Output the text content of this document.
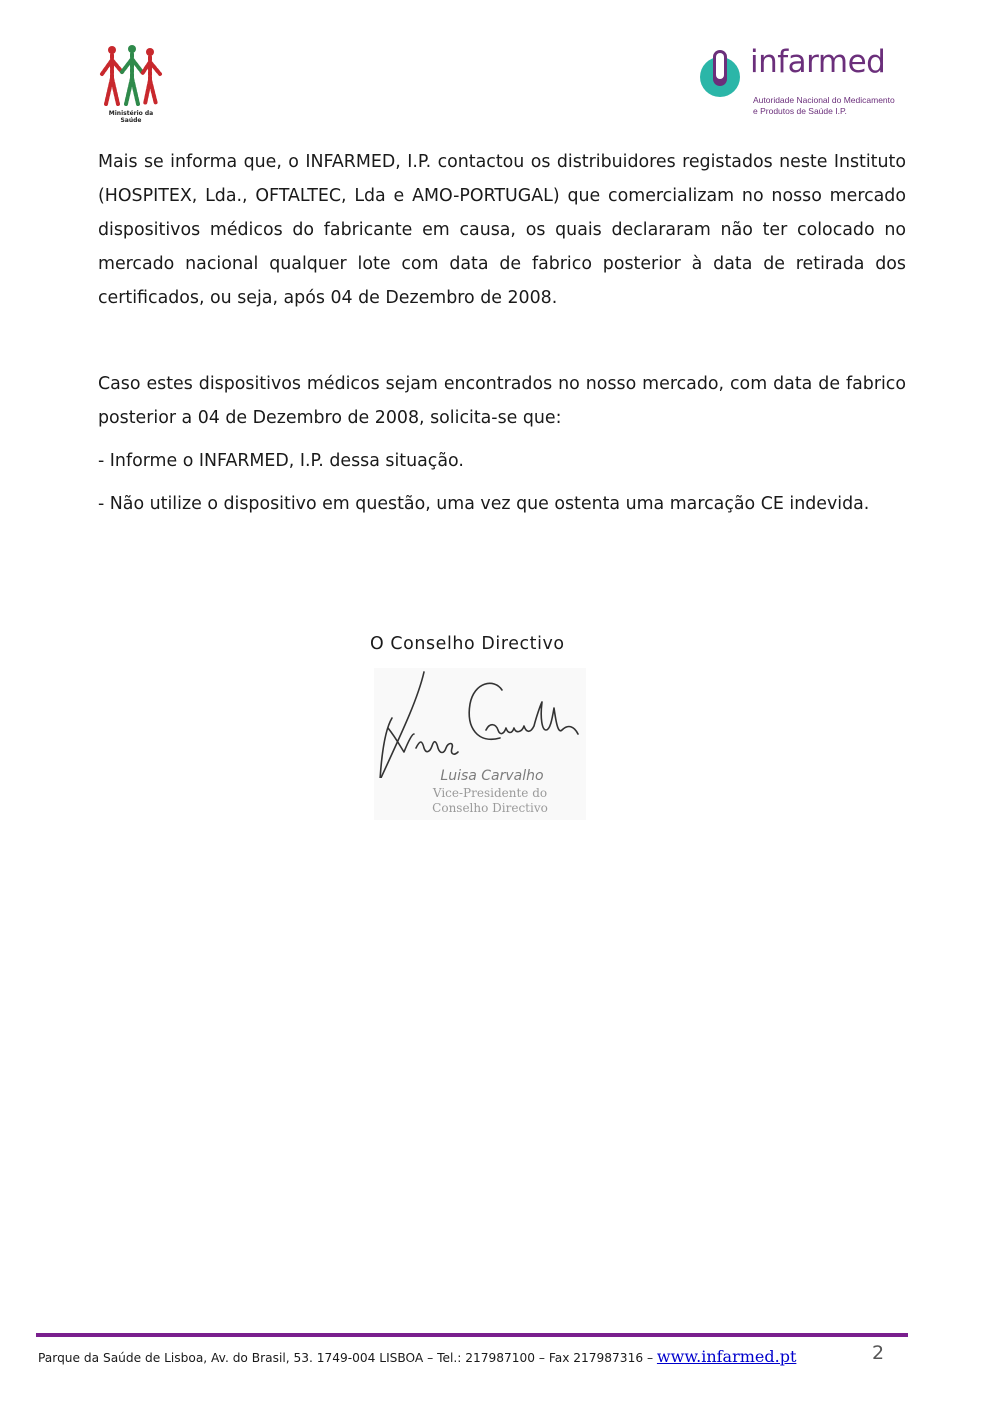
Ministério da Saúde
infarmed
Autoridade Nacional do Medicamento
e Produtos de Saúde I.P.

Mais se informa que, o INFARMED, I.P. contactou os distribuidores registados neste Instituto (HOSPITEX, Lda., OFTALTEC, Lda e AMO-PORTUGAL) que comercializam no nosso mercado dispositivos médicos do fabricante em causa, os quais declararam não ter colocado no mercado nacional qualquer lote com data de fabrico posterior à data de retirada dos certificados, ou seja, após 04 de Dezembro de 2008.

Caso estes dispositivos médicos sejam encontrados no nosso mercado, com data de fabrico posterior a 04 de Dezembro de 2008, solicita-se que:

- Informe o INFARMED, I.P. dessa situação.

- Não utilize o dispositivo em questão, uma vez que ostenta uma marcação CE indevida.

O Conselho Directivo
Luisa Carvalho
Vice-Presidente do
Conselho Directivo
Parque da Saúde de Lisboa, Av. do Brasil, 53. 1749-004 LISBOA – Tel.: 217987100 – Fax 217987316 – www.infarmed.pt	2
